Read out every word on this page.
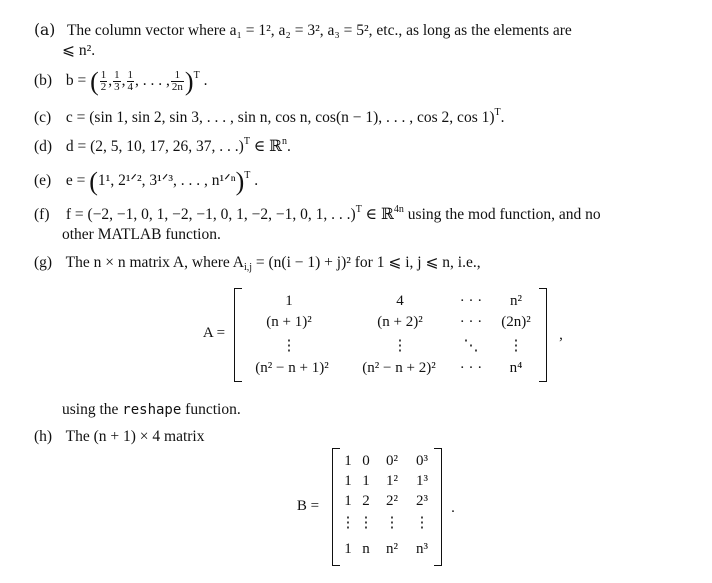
(a) The column vector where a₁ = 1², a₂ = 3², a₃ = 5², etc., as long as the elements are
⩽ n².
(b) b = ( $\frac{1}{2}$ , $\frac{1}{3}$ , $\frac{1}{4}$ , . . . , $\frac{1}{2n} )^T$ .
(c) c = (sin 1, sin 2, sin 3, . . . , sin n, cos n, cos(n − 1), . . . , cos 2, cos 1)$^T$.
(d) d = (2, 5, 10, 17, 26, 37, . . .)$^T$ ∈ ℝ$^n$.
(e) e = (1¹, 2¹ᐟ², 3¹ᐟ³, . . . , n¹ᐟⁿ)$^T$ .
(f) f = (−2, −1, 0, 1, −2, −1, 0, 1, −2, −1, 0, 1, . . .)$^T$ ∈ ℝ$^{4n}$ using the mod function, and no
other MATLAB function.
(g) The n × n matrix A, where $A_{i,j} = (n(i - 1) + j)^2$ for 1 ⩽ i, j ⩽ n, i.e.,
A =	,
1	4	· · ·	n²
(n + 1)²	(n + 2)²	· · ·	(2n)²
⋮	⋮	⋱	⋮
(n² − n + 1)²	(n² − n + 2)²	· · ·	n⁴
using the reshape function.
(h) The (n + 1) × 4 matrix
B =	.
1 0	0²	0³
1 1	1²	1³
1 2	2²	2³
⋮ ⋮ ⋮	⋮
1 n	n²	n³
